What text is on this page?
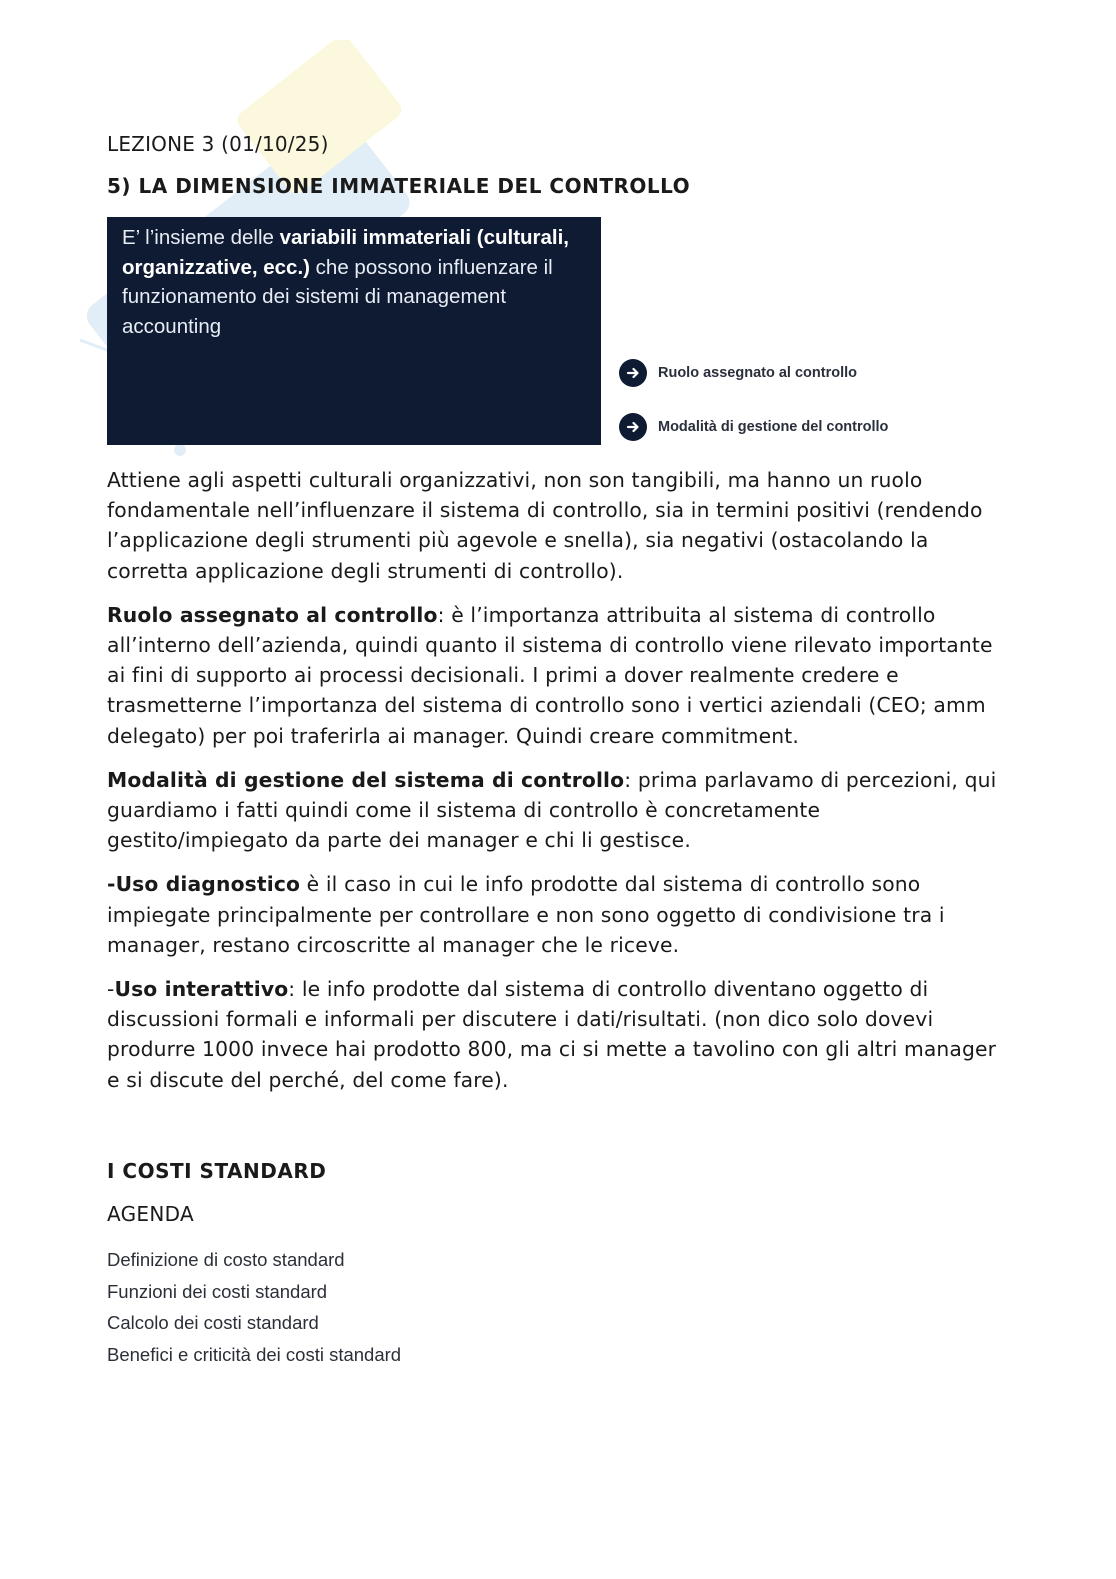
LEZIONE 3 (01/10/25)
5) LA DIMENSIONE IMMATERIALE DEL CONTROLLO
E’ l’insieme delle variabili immateriali (culturali, organizzative, ecc.) che possono influenzare il funzionamento dei sistemi di management accounting
Ruolo assegnato al controllo
Modalità di gestione del controllo

Attiene agli aspetti culturali organizzativi, non son tangibili, ma hanno un ruolo fondamentale nell’influenzare il sistema di controllo, sia in termini positivi (rendendo l’applicazione degli strumenti più agevole e snella), sia negativi (ostacolando la corretta applicazione degli strumenti di controllo).

Ruolo assegnato al controllo: è l’importanza attribuita al sistema di controllo all’interno dell’azienda, quindi quanto il sistema di controllo viene rilevato importante ai fini di supporto ai processi decisionali. I primi a dover realmente credere e trasmetterne l’importanza del sistema di controllo sono i vertici aziendali (CEO; amm delegato) per poi traferirla ai manager. Quindi creare commitment.

Modalità di gestione del sistema di controllo: prima parlavamo di percezioni, qui guardiamo i fatti quindi come il sistema di controllo è concretamente gestito/impiegato da parte dei manager e chi li gestisce.

-Uso diagnostico è il caso in cui le info prodotte dal sistema di controllo sono impiegate principalmente per controllare e non sono oggetto di condivisione tra i manager, restano circoscritte al manager che le riceve.

-Uso interattivo: le info prodotte dal sistema di controllo diventano oggetto di discussioni formali e informali per discutere i dati/risultati. (non dico solo dovevi produrre 1000 invece hai prodotto 800, ma ci si mette a tavolino con gli altri manager e si discute del perché, del come fare).

I COSTI STANDARD
AGENDA
Definizione di costo standard
Funzioni dei costi standard
Calcolo dei costi standard
Benefici e criticità dei costi standard
